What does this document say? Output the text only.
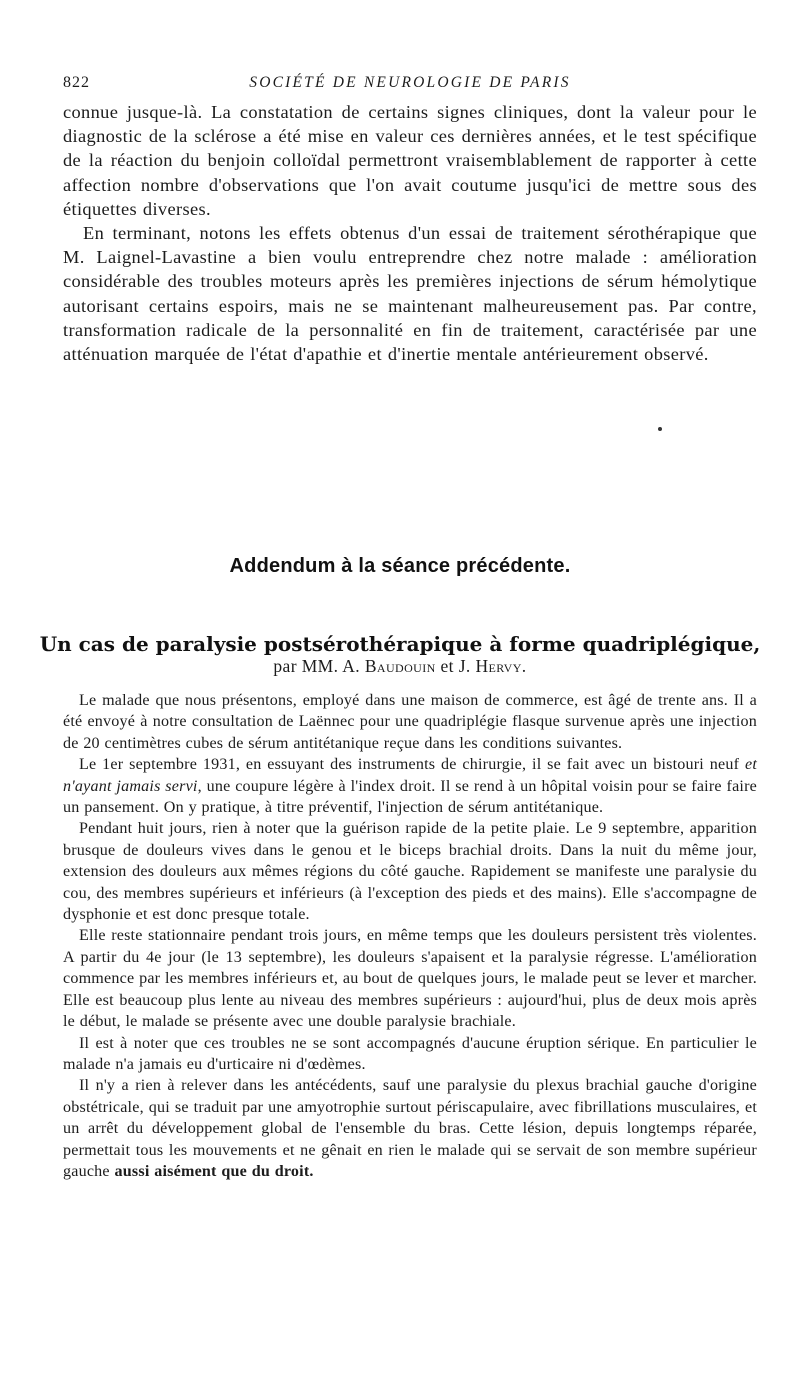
822	SOCIÉTÉ DE NEUROLOGIE DE PARIS

connue jusque-là. La constatation de certains signes cliniques, dont la valeur pour le diagnostic de la sclérose a été mise en valeur ces dernières années, et le test spécifique de la réaction du benjoin colloïdal permettront vraisemblablement de rapporter à cette affection nombre d'observations que l'on avait coutume jusqu'ici de mettre sous des étiquettes diverses.

En terminant, notons les effets obtenus d'un essai de traitement sérothérapique que M. Laignel-Lavastine a bien voulu entreprendre chez notre malade : amélioration considérable des troubles moteurs après les premières injections de sérum hémolytique autorisant certains espoirs, mais ne se maintenant malheureusement pas. Par contre, transformation radicale de la personnalité en fin de traitement, caractérisée par une atténuation marquée de l'état d'apathie et d'inertie mentale antérieurement observé.

Addendum à la séance précédente.
Un cas de paralysie postsérothérapique à forme quadriplégique,
par MM. A. Baudouin et J. Hervy.

Le malade que nous présentons, employé dans une maison de commerce, est âgé de trente ans. Il a été envoyé à notre consultation de Laënnec pour une quadriplégie flasque survenue après une injection de 20 centimètres cubes de sérum antitétanique reçue dans les conditions suivantes.

Le 1er septembre 1931, en essuyant des instruments de chirurgie, il se fait avec un bistouri neuf et n'ayant jamais servi, une coupure légère à l'index droit. Il se rend à un hôpital voisin pour se faire faire un pansement. On y pratique, à titre préventif, l'injection de sérum antitétanique.

Pendant huit jours, rien à noter que la guérison rapide de la petite plaie. Le 9 septembre, apparition brusque de douleurs vives dans le genou et le biceps brachial droits. Dans la nuit du même jour, extension des douleurs aux mêmes régions du côté gauche. Rapidement se manifeste une paralysie du cou, des membres supérieurs et inférieurs (à l'exception des pieds et des mains). Elle s'accompagne de dysphonie et est donc presque totale.

Elle reste stationnaire pendant trois jours, en même temps que les douleurs persistent très violentes. A partir du 4e jour (le 13 septembre), les douleurs s'apaisent et la paralysie régresse. L'amélioration commence par les membres inférieurs et, au bout de quelques jours, le malade peut se lever et marcher. Elle est beaucoup plus lente au niveau des membres supérieurs : aujourd'hui, plus de deux mois après le début, le malade se présente avec une double paralysie brachiale.

Il est à noter que ces troubles ne se sont accompagnés d'aucune éruption sérique. En particulier le malade n'a jamais eu d'urticaire ni d'œdèmes.

Il n'y a rien à relever dans les antécédents, sauf une paralysie du plexus brachial gauche d'origine obstétricale, qui se traduit par une amyotrophie surtout périscapulaire, avec fibrillations musculaires, et un arrêt du développement global de l'ensemble du bras. Cette lésion, depuis longtemps réparée, permettait tous les mouvements et ne gênait en rien le malade qui se servait de son membre supérieur gauche aussi aisément que du droit.
